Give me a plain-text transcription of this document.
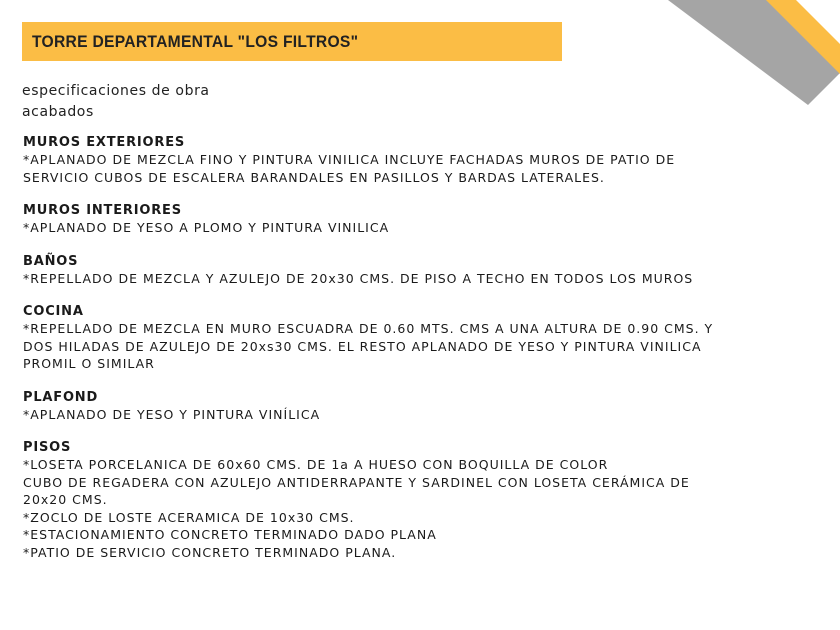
TORRE DEPARTAMENTAL "LOS FILTROS"
especificaciones de obra
acabados
MUROS EXTERIORES
*APLANADO DE MEZCLA FINO Y PINTURA VINILICA INCLUYE FACHADAS MUROS DE PATIO DE
SERVICIO CUBOS DE ESCALERA BARANDALES EN PASILLOS Y BARDAS LATERALES.
MUROS INTERIORES
*APLANADO DE YESO A PLOMO Y PINTURA VINILICA
BAÑOS
*REPELLADO DE MEZCLA Y AZULEJO DE 20x30 CMS. DE PISO A TECHO EN TODOS LOS MUROS
COCINA
*REPELLADO DE MEZCLA EN MURO ESCUADRA DE 0.60 MTS. CMS A UNA ALTURA DE 0.90 CMS. Y
DOS HILADAS DE AZULEJO DE 20xs30 CMS. EL RESTO APLANADO DE YESO Y PINTURA VINILICA
PROMIL O SIMILAR
PLAFOND
*APLANADO DE YESO Y PINTURA VINÍLICA
PISOS
*LOSETA PORCELANICA DE 60x60 CMS. DE 1a A HUESO CON BOQUILLA DE COLOR
CUBO DE REGADERA CON AZULEJO ANTIDERRAPANTE Y SARDINEL CON LOSETA CERÁMICA DE
20x20 CMS.
*ZOCLO DE LOSTE ACERAMICA DE 10x30 CMS.
*ESTACIONAMIENTO CONCRETO TERMINADO DADO PLANA
*PATIO DE SERVICIO CONCRETO TERMINADO PLANA.
